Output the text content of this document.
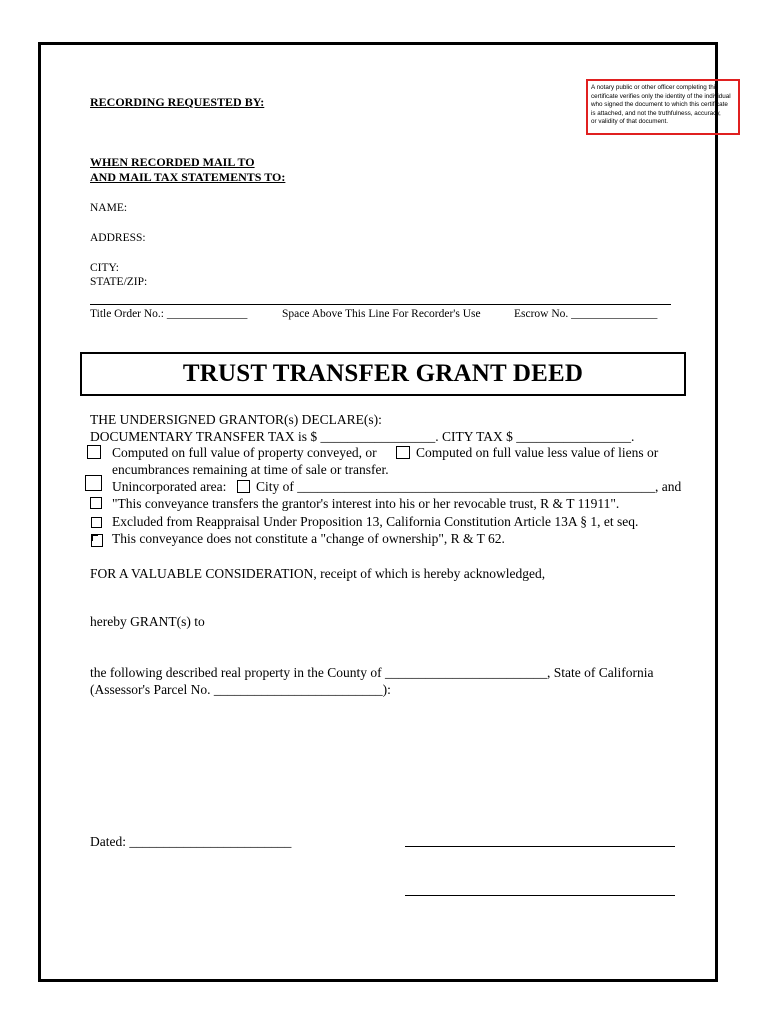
A notary public or other officer completing this
certificate verifies only the identity of the individual
who signed the document to which this certificate
is attached, and not the truthfulness, accuracy,
or validity of that document.
RECORDING REQUESTED BY:
WHEN RECORDED MAIL TO
AND MAIL TAX STATEMENTS TO:
NAME:
ADDRESS:
CITY:
STATE/ZIP:
Title Order No.: ______________	Space Above This Line For Recorder's Use	Escrow No. _______________
TRUST TRANSFER GRANT DEED
THE UNDERSIGNED GRANTOR(s) DECLARE(s):
DOCUMENTARY TRANSFER TAX is $ _________________. CITY TAX $ _________________.
Computed on full value of property conveyed, or	Computed on full value less value of liens or
encumbrances remaining at time of sale or transfer.
Unincorporated area: City of _____________________________________________________, and
"This conveyance transfers the grantor's interest into his or her revocable trust, R & T 11911".
Excluded from Reappraisal Under Proposition 13, California Constitution Article 13A § 1, et seq.
This conveyance does not constitute a "change of ownership", R & T 62.
FOR A VALUABLE CONSIDERATION, receipt of which is hereby acknowledged,
hereby GRANT(s) to
the following described real property in the County of ________________________, State of California
(Assessor's Parcel No. _________________________):
Dated: ________________________
